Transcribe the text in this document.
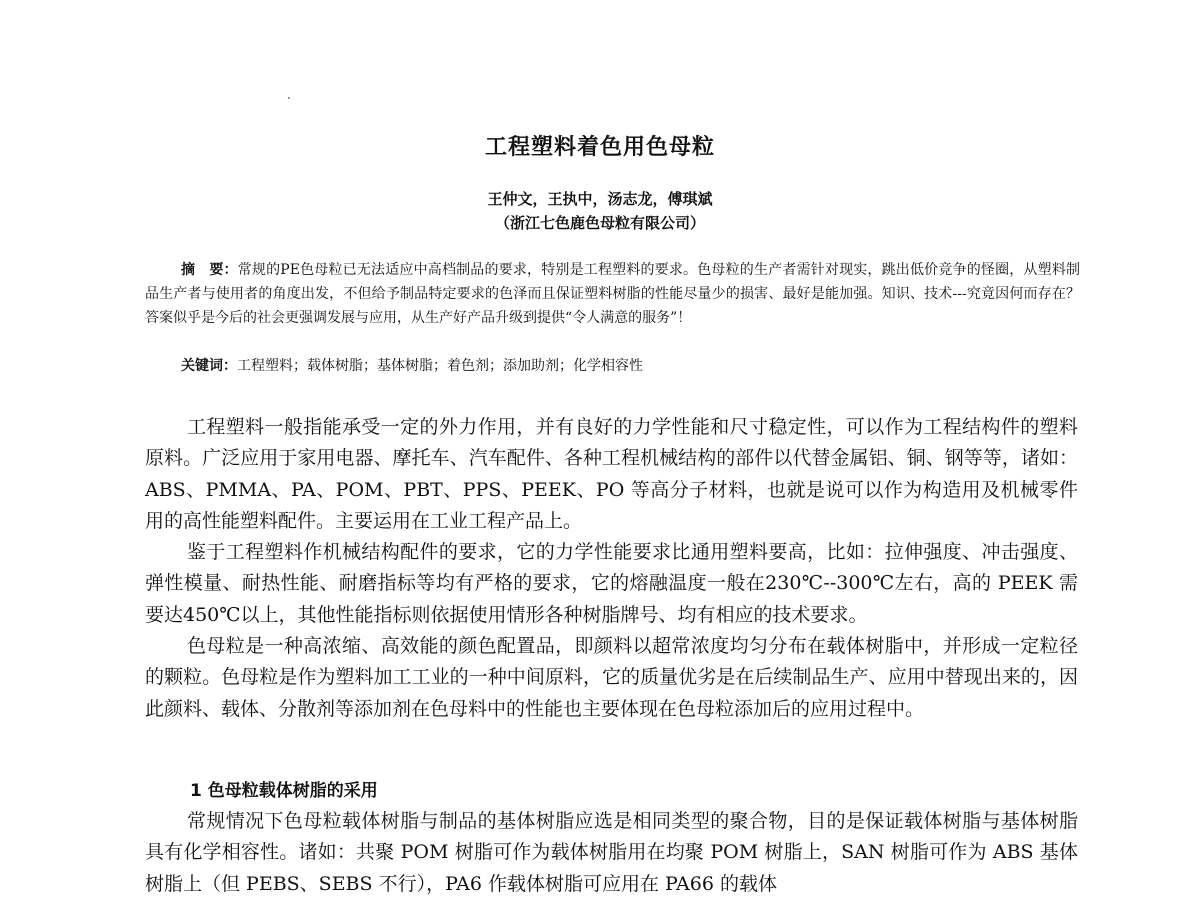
工程塑料着色用色母粒
王仲文，王执中，汤志龙，傅琪斌
（浙江七色鹿色母粒有限公司）
摘　要：常规的PE色母粒已无法适应中高档制品的要求，特别是工程塑料的要求。色母粒的生产者需针对现实，跳出低价竞争的怪圈，从塑料制品生产者与使用者的角度出发，不但给予制品特定要求的色泽而且保证塑料树脂的性能尽量少的损害、最好是能加强。知识、技术---究竟因何而存在？答案似乎是今后的社会更强调发展与应用，从生产好产品升级到提供“令人满意的服务”！
关键词：工程塑料；载体树脂；基体树脂；着色剂；添加助剂；化学相容性

工程塑料一般指能承受一定的外力作用，并有良好的力学性能和尺寸稳定性，可以作为工程结构件的塑料原料。广泛应用于家用电器、摩托车、汽车配件、各种工程机械结构的部件以代替金属铝、铜、钢等等，诸如：ABS、PMMA、PA、POM、PBT、PPS、PEEK、PO 等高分子材料，也就是说可以作为构造用及机械零件用的高性能塑料配件。主要运用在工业工程产品上。

鉴于工程塑料作机械结构配件的要求，它的力学性能要求比通用塑料要高，比如：拉伸强度、冲击强度、弹性模量、耐热性能、耐磨指标等均有严格的要求，它的熔融温度一般在230℃--300℃左右，高的 PEEK 需要达450℃以上，其他性能指标则依据使用情形各种树脂牌号、均有相应的技术要求。

色母粒是一种高浓缩、高效能的颜色配置品，即颜料以超常浓度均匀分布在载体树脂中，并形成一定粒径的颗粒。色母粒是作为塑料加工工业的一种中间原料，它的质量优劣是在后续制品生产、应用中替现出来的，因此颜料、载体、分散剂等添加剂在色母料中的性能也主要体现在色母粒添加后的应用过程中。

1 色母粒载体树脂的采用

常规情况下色母粒载体树脂与制品的基体树脂应选是相同类型的聚合物，目的是保证载体树脂与基体树脂具有化学相容性。诸如：共聚 POM 树脂可作为载体树脂用在均聚 POM 树脂上，SAN 树脂可作为 ABS 基体树脂上（但 PEBS、SEBS 不行），PA6 作载体树脂可应用在 PA66 的载体
